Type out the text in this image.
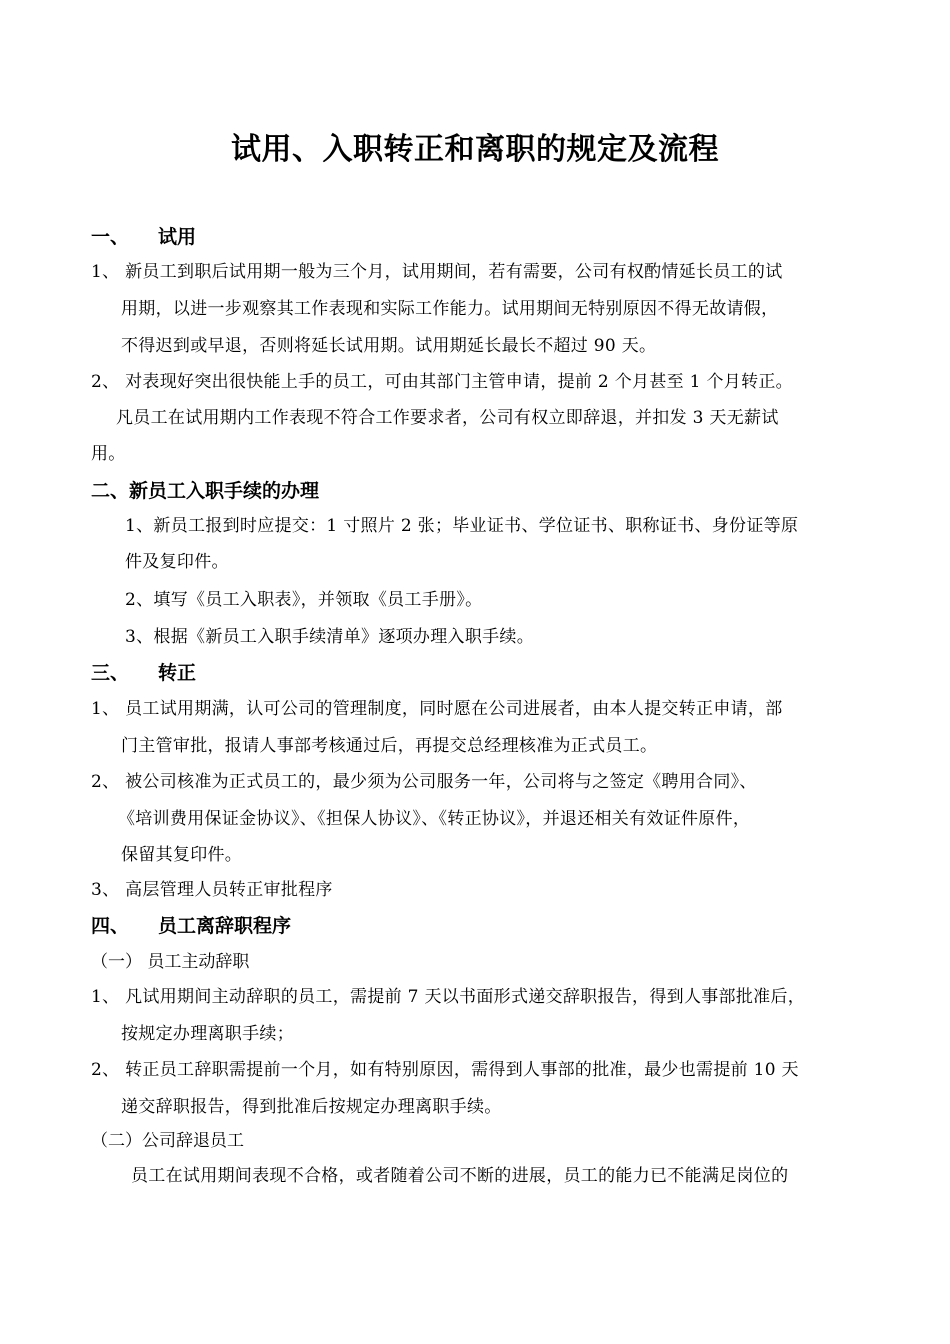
试用、入职转正和离职的规定及流程
一、 试用
1、 新员工到职后试用期一般为三个月，试用期间，若有需要，公司有权酌情延长员工的试
用期，以进一步观察其工作表现和实际工作能力。试用期间无特别原因不得无故请假，
不得迟到或早退，否则将延长试用期。试用期延长最长不超过 90 天。
2、 对表现好突出很快能上手的员工，可由其部门主管申请，提前 2 个月甚至 1 个月转正。
凡员工在试用期内工作表现不符合工作要求者，公司有权立即辞退，并扣发 3 天无薪试
用。
二、新员工入职手续的办理
1、新员工报到时应提交：1 寸照片 2 张；毕业证书、学位证书、职称证书、身份证等原
件及复印件。
2、填写《员工入职表》，并领取《员工手册》。
3、根据《新员工入职手续清单》逐项办理入职手续。
三、 转正
1、 员工试用期满，认可公司的管理制度，同时愿在公司进展者，由本人提交转正申请，部
门主管审批，报请人事部考核通过后，再提交总经理核准为正式员工。
2、 被公司核准为正式员工的，最少须为公司服务一年，公司将与之签定《聘用合同》、
《培训费用保证金协议》、《担保人协议》、《转正协议》，并退还相关有效证件原件，
保留其复印件。
3、 高层管理人员转正审批程序
四、 员工离辞职程序
（一） 员工主动辞职
1、 凡试用期间主动辞职的员工，需提前 7 天以书面形式递交辞职报告，得到人事部批准后，
按规定办理离职手续；
2、 转正员工辞职需提前一个月，如有特别原因，需得到人事部的批准，最少也需提前 10 天
递交辞职报告，得到批准后按规定办理离职手续。
（二）公司辞退员工
员工在试用期间表现不合格，或者随着公司不断的进展，员工的能力已不能满足岗位的
